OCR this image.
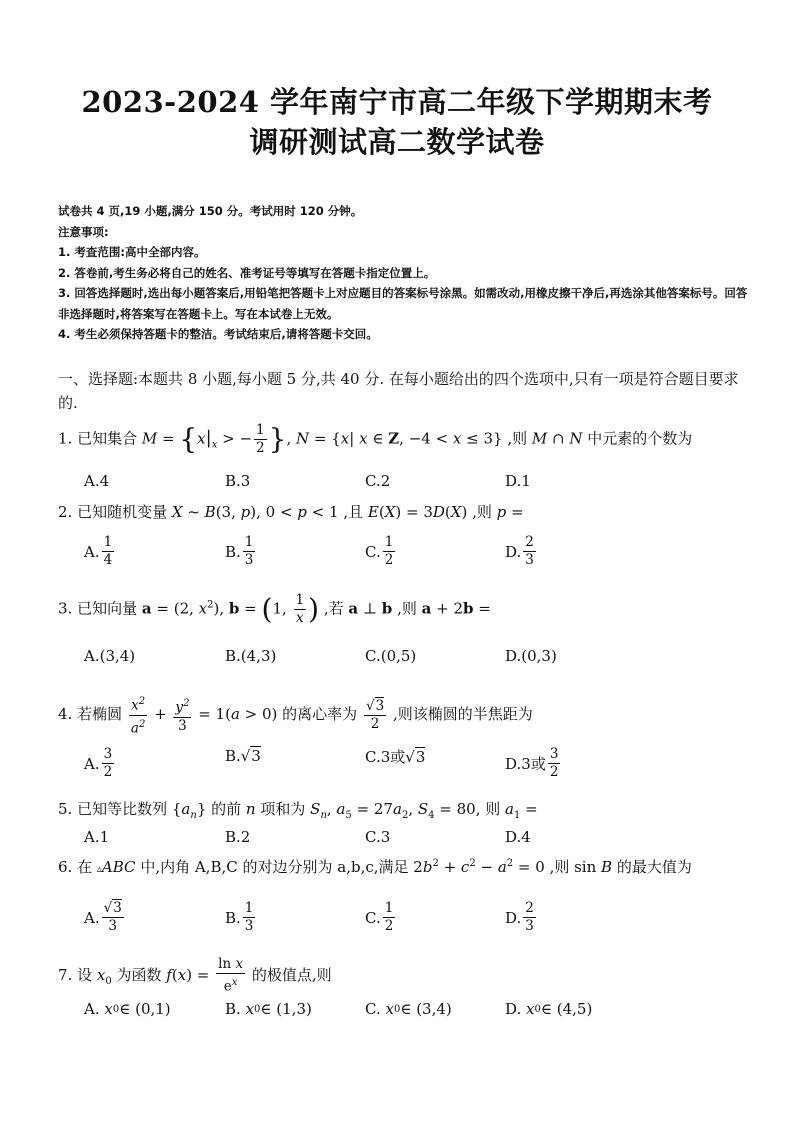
2023-2024 学年南宁市高二年级下学期期末考
调研测试高二数学试卷
试卷共 4 页,19 小题,满分 150 分。考试用时 120 分钟。
注意事项:
1. 考查范围:高中全部内容。
2. 答卷前,考生务必将自己的姓名、准考证号等填写在答题卡指定位置上。
3. 回答选择题时,选出每小题答案后,用铅笔把答题卡上对应题目的答案标号涂黑。如需改动,用橡皮擦干净后,再选涂其他答案标号。回答非选择题时,将答案写在答题卡上。写在本试卷上无效。
4. 考生必须保持答题卡的整洁。考试结束后,请将答题卡交回。
一、选择题:本题共 8 小题,每小题 5 分,共 40 分. 在每小题给出的四个选项中,只有一项是符合题目要求的.
1. 已知集合 $M = \{x|_x$ > − $\frac{1}{2}$ }, N = {x| x ∈ Z, −4 < x ≤ 3} ,则 M ∩ N 中元素的个数为
A.4	B.3	C.2	D.1
2. 已知随机变量 X ~ B(3, p), 0 < p < 1 ,且 E(X) = 3D(X) ,则 p =
A. $\frac{1}{4}$	B. $\frac{1}{3}$	C. $\frac{1}{2}$	D. $\frac{2}{3}$
3. 已知向量 a = (2, $x^2$), b = (1, $\frac{1}{x}$ ) ,若 a ⊥ b ,则 a + 2b =
A.(3,4)	B.(4,3)	C.(0,5)	D.(0,3)
4. 若椭圆 $\frac{x^2}{a^2} + \frac{y^2}{3} = 1(a > 0)$ 的离心率为 $\frac{√3}{2}$ ,则该椭圆的半焦距为
A. $\frac{3}{2}$	B.√ 3	C.3 或 √ 3	D.3 或 $\frac{3}{2}$
5. 已知等比数列 $\{a_n\}$ 的前 n 项和为 $S_n$, $a_5 = 27a_2$, $S_4 = 80$, 则 $a_1$ =
A.1	B.2	C.3	D.4
6. 在 ▵ABC 中,内角 A,B,C 的对边分别为 a,b,c,满足 $2b^2 + c^2 - a^2 = 0$ ,则 sin B 的最大值为
A. $\frac{√3}{3}$	B. $\frac{1}{3}$	C. $\frac{1}{2}$	D. $\frac{2}{3}$
7. 设 $x_0$ 为函数 $f(x) = \frac{\text{ln x}}{e^x}$ 的极值点,则
A. x 0 ∈ (0,1)	B. x 0 ∈ (1,3)	C. x 0 ∈ (3,4)	D. x 0 ∈ (4,5)
